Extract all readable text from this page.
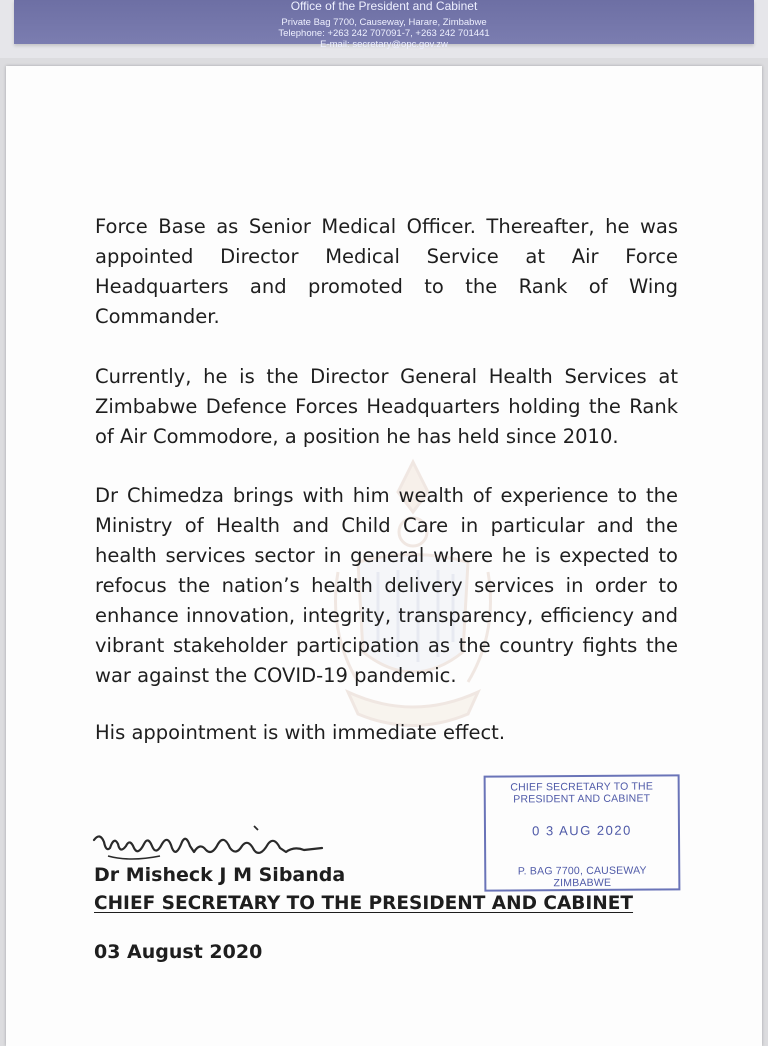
Office of the President and Cabinet
Private Bag 7700, Causeway, Harare, Zimbabwe
Telephone: +263 242 707091-7, +263 242 701441
E-mail: secretary@opc.gov.zw

Force Base as Senior Medical Officer. Thereafter, he was appointed Director Medical Service at Air Force Headquarters and promoted to the Rank of Wing Commander.

Currently, he is the Director General Health Services at Zimbabwe Defence Forces Headquarters holding the Rank of Air Commodore, a position he has held since 2010.

Dr Chimedza brings with him wealth of experience to the Ministry of Health and Child Care in particular and the health services sector in general where he is expected to refocus the nation’s health delivery services in order to enhance innovation, integrity, transparency, efficiency and vibrant stakeholder participation as the country fights the war against the COVID-19 pandemic.

His appointment is with immediate effect.

CHIEF SECRETARY TO THE
PRESIDENT AND CABINET
0 3 AUG 2020
P. BAG 7700, CAUSEWAY
ZIMBABWE
Dr Misheck J M Sibanda
CHIEF SECRETARY TO THE PRESIDENT AND CABINET
03 August 2020
